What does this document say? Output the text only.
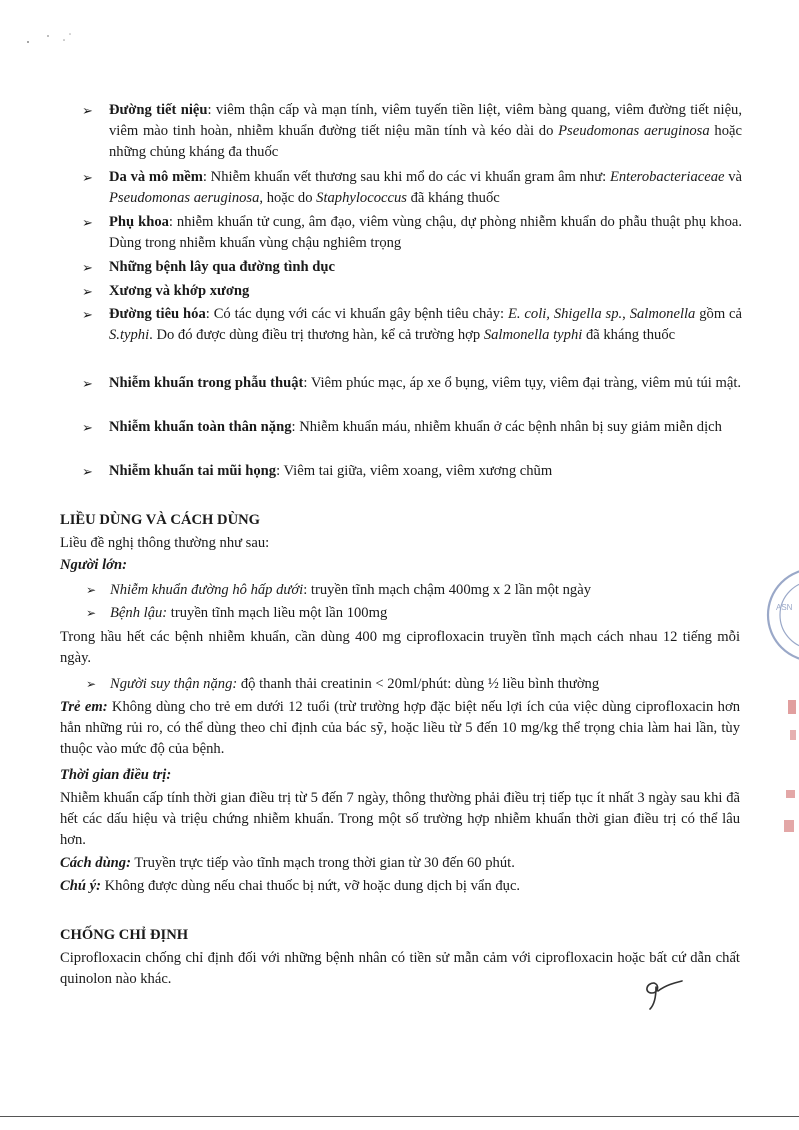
➢ Đường tiết niệu: viêm thận cấp và mạn tính, viêm tuyến tiền liệt, viêm bàng quang, viêm đường tiết niệu, viêm mào tinh hoàn, nhiễm khuẩn đường tiết niệu mãn tính và kéo dài do Pseudomonas aeruginosa hoặc những chủng kháng đa thuốc
➢ Da và mô mềm: Nhiễm khuẩn vết thương sau khi mổ do các vi khuẩn gram âm như: Enterobacteriaceae và Pseudomonas aeruginosa, hoặc do Staphylococcus đã kháng thuốc
➢ Phụ khoa: nhiễm khuẩn tử cung, âm đạo, viêm vùng chậu, dự phòng nhiễm khuẩn do phẫu thuật phụ khoa. Dùng trong nhiễm khuẩn vùng chậu nghiêm trọng
➢ Những bệnh lây qua đường tình dục
➢ Xương và khớp xương
➢ Đường tiêu hóa: Có tác dụng với các vi khuẩn gây bệnh tiêu chảy: E. coli, Shigella sp., Salmonella gồm cả S.typhi. Do đó được dùng điều trị thương hàn, kể cả trường hợp Salmonella typhi đã kháng thuốc
➢ Nhiễm khuẩn trong phẫu thuật: Viêm phúc mạc, áp xe ổ bụng, viêm tụy, viêm đại tràng, viêm mủ túi mật.
➢ Nhiễm khuẩn toàn thân nặng: Nhiễm khuẩn máu, nhiễm khuẩn ở các bệnh nhân bị suy giảm miễn dịch
➢ Nhiễm khuẩn tai mũi họng: Viêm tai giữa, viêm xoang, viêm xương chũm
LIỀU DÙNG VÀ CÁCH DÙNG
Liều đề nghị thông thường như sau:
Người lớn:
➢ Nhiễm khuẩn đường hô hấp dưới: truyền tĩnh mạch chậm 400mg x 2 lần một ngày
➢ Bệnh lậu: truyền tĩnh mạch liều một lần 100mg
Trong hầu hết các bệnh nhiễm khuẩn, cần dùng 400 mg ciprofloxacin truyền tĩnh mạch cách nhau 12 tiếng mỗi ngày.
➢ Người suy thận nặng: độ thanh thải creatinin < 20ml/phút: dùng ½ liều bình thường
Trẻ em: Không dùng cho trẻ em dưới 12 tuổi (trừ trường hợp đặc biệt nếu lợi ích của việc dùng ciprofloxacin hơn hẳn những rủi ro, có thể dùng theo chỉ định của bác sỹ, hoặc liều từ 5 đến 10 mg/kg thể trọng chia làm hai lần, tùy thuộc vào mức độ của bệnh.
Thời gian điều trị:
Nhiễm khuẩn cấp tính thời gian điều trị từ 5 đến 7 ngày, thông thường phải điều trị tiếp tục ít nhất 3 ngày sau khi đã hết các dấu hiệu và triệu chứng nhiễm khuẩn. Trong một số trường hợp nhiễm khuẩn thời gian điều trị có thể lâu hơn.
Cách dùng: Truyền trực tiếp vào tĩnh mạch trong thời gian từ 30 đến 60 phút.
Chú ý: Không được dùng nếu chai thuốc bị nứt, vỡ hoặc dung dịch bị vẩn đục.
CHỐNG CHỈ ĐỊNH
Ciprofloxacin chống chỉ định đối với những bệnh nhân có tiền sử mẫn cảm với ciprofloxacin hoặc bất cứ dẫn chất quinolon nào khác.
ASN
